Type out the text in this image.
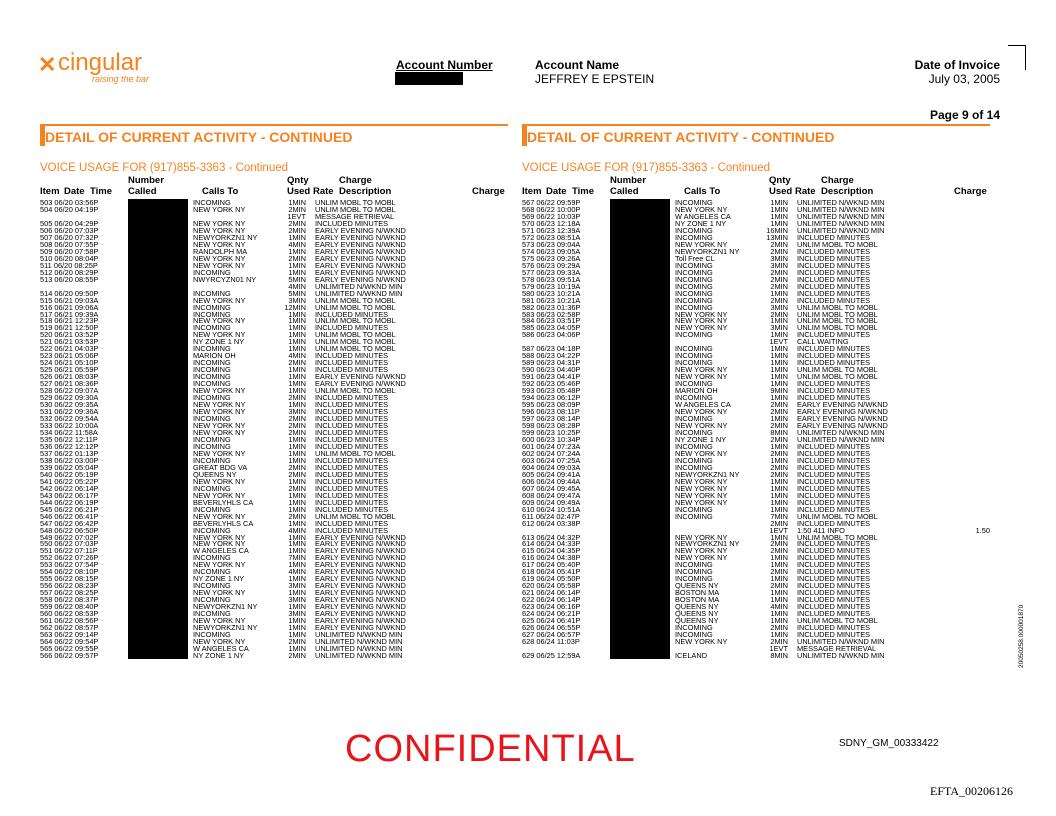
✕ cingular
raising the bar
Account Number	Account Name
JEFFREY E EPSTEIN
Date of Invoice
July 03, 2005
Page 9 of 14
DETAIL OF CURRENT ACTIVITY - CONTINUED
VOICE USAGE FOR (917)855-3363 - Continued
Number
Item Date Time Called	Calls To
Qnty
Used Rate
Charge
Description	Charge
503 06/20 03:56P	INCOMING	1MIN UNLIM MOBL TO MOBL
504 06/20 04:19P	NEW YORK NY	2MIN UNLIM MOBL TO MOBL
1EVT MESSAGE RETRIEVAL
505 06/20 04:29P	NEW YORK NY	2MIN INCLUDED MINUTES
506 06/20 07:03P	NEW YORK NY	2MIN EARLY EVENING N/WKND
507 06/20 07:32P	NEWYORKZN1 NY	1MIN EARLY EVENING N/WKND
508 06/20 07:55P	NEW YORK NY	4MIN EARLY EVENING N/WKND
509 06/20 07:58P	RANDOLPH MA	1MIN EARLY EVENING N/WKND
510 06/20 08:04P	NEW YORK NY	2MIN EARLY EVENING N/WKND
511 06/20 08:25P	NEW YORK NY	1MIN EARLY EVENING N/WKND
512 06/20 08:29P	INCOMING	1MIN EARLY EVENING N/WKND
513 06/20 08:55P	NWYRCYZN01 NY	5MIN EARLY EVENING N/WKND
4MIN UNLIMITED N/WKND MIN
514 06/20 09:50P	INCOMING	5MIN UNLIMITED N/WKND MIN
515 06/21 09:03A	NEW YORK NY	3MIN UNLIM MOBL TO MOBL
516 06/21 09:06A	INCOMING	12MIN UNLIM MOBL TO MOBL
517 06/21 09:39A	INCOMING	1MIN INCLUDED MINUTES
518 06/21 12:23P	NEW YORK NY	1MIN UNLIM MOBL TO MOBL
519 06/21 12:50P	INCOMING	1MIN INCLUDED MINUTES
520 06/21 03:52P	NEW YORK NY	1MIN UNLIM MOBL TO MOBL
521 06/21 03:53P	NY ZONE 1 NY	1MIN UNLIM MOBL TO MOBL
522 06/21 04:03P	INCOMING	1MIN UNLIM MOBL TO MOBL
523 06/21 05:06P	MARION OH	4MIN INCLUDED MINUTES
524 06/21 05:10P	INCOMING	2MIN INCLUDED MINUTES
525 06/21 05:59P	INCOMING	1MIN INCLUDED MINUTES
526 06/21 08:03P	INCOMING	1MIN EARLY EVENING N/WKND
527 06/21 08:36P	INCOMING	1MIN EARLY EVENING N/WKND
528 06/22 09:07A	NEW YORK NY	1MIN UNLIM MOBL TO MOBL
529 06/22 09:30A	INCOMING	2MIN INCLUDED MINUTES
530 06/22 09:35A	NEW YORK NY	1MIN INCLUDED MINUTES
531 06/22 09:36A	NEW YORK NY	3MIN INCLUDED MINUTES
532 06/22 09:54A	INCOMING	2MIN INCLUDED MINUTES
533 06/22 10:00A	NEW YORK NY	2MIN INCLUDED MINUTES
534 06/22 11:58A	NEW YORK NY	2MIN INCLUDED MINUTES
535 06/22 12:11P	INCOMING	1MIN INCLUDED MINUTES
536 06/22 12:12P	INCOMING	1MIN INCLUDED MINUTES
537 06/22 01:13P	NEW YORK NY	1MIN UNLIM MOBL TO MOBL
538 06/22 03:00P	INCOMING	1MIN INCLUDED MINUTES
539 06/22 05:04P	GREAT BDG VA	2MIN INCLUDED MINUTES
540 06/22 05:19P	QUEENS NY	2MIN INCLUDED MINUTES
541 06/22 05:22P	NEW YORK NY	1MIN INCLUDED MINUTES
542 06/22 06:14P	INCOMING	2MIN INCLUDED MINUTES
543 06/22 06:17P	NEW YORK NY	1MIN INCLUDED MINUTES
544 06/22 06:19P	BEVERLYHLS CA	1MIN INCLUDED MINUTES
545 06/22 06:21P	INCOMING	1MIN INCLUDED MINUTES
546 06/22 06:41P	NEW YORK NY	2MIN UNLIM MOBL TO MOBL
547 06/22 06:42P	BEVERLYHLS CA	1MIN INCLUDED MINUTES
548 06/22 06:50P	INCOMING	4MIN INCLUDED MINUTES
549 06/22 07:02P	NEW YORK NY	1MIN EARLY EVENING N/WKND
550 06/22 07:03P	NEW YORK NY	1MIN EARLY EVENING N/WKND
551 06/22 07:11P	W ANGELES CA	1MIN EARLY EVENING N/WKND
552 06/22 07:26P	INCOMING	7MIN EARLY EVENING N/WKND
553 06/22 07:54P	NEW YORK NY	1MIN EARLY EVENING N/WKND
554 06/22 08:10P	INCOMING	4MIN EARLY EVENING N/WKND
555 06/22 08:15P	NY ZONE 1 NY	1MIN EARLY EVENING N/WKND
556 06/22 08:23P	INCOMING	3MIN EARLY EVENING N/WKND
557 06/22 08:25P	NEW YORK NY	1MIN EARLY EVENING N/WKND
558 06/22 08:37P	INCOMING	3MIN EARLY EVENING N/WKND
559 06/22 08:40P	NEWYORKZN1 NY	1MIN EARLY EVENING N/WKND
560 06/22 08:53P	INCOMING	3MIN EARLY EVENING N/WKND
561 06/22 08:56P	NEW YORK NY	1MIN EARLY EVENING N/WKND
562 06/22 08:57P	NEWYORKZN1 NY	1MIN EARLY EVENING N/WKND
563 06/22 09:14P	INCOMING	1MIN UNLIMITED N/WKND MIN
564 06/22 09:54P	NEW YORK NY	2MIN UNLIMITED N/WKND MIN
565 06/22 09:55P	W ANGELES CA	1MIN UNLIMITED N/WKND MIN
566 06/22 09:57P	NY ZONE 1 NY	2MIN UNLIMITED N/WKND MIN
DETAIL OF CURRENT ACTIVITY - CONTINUED
VOICE USAGE FOR (917)855-3363 - Continued
Number
Item Date Time Called	Calls To
Qnty
Used Rate
Charge
Description	Charge
567 06/22 09:59P	INCOMING	1MIN UNLIMITED N/WKND MIN
568 06/22 10:00P	NEW YORK NY	1MIN UNLIMITED N/WKND MIN
569 06/22 10:03P	W ANGELES CA	1MIN UNLIMITED N/WKND MIN
570 06/23 12:18A	NY ZONE 1 NY	1MIN UNLIMITED N/WKND MIN
571 06/23 12:39A	INCOMING	16MIN UNLIMITED N/WKND MIN
572 06/23 08:51A	INCOMING	13MIN INCLUDED MINUTES
573 06/23 09:04A	NEW YORK NY	2MIN UNLIM MOBL TO MOBL
574 06/23 09:05A	NEWYORKZN1 NY	2MIN INCLUDED MINUTES
575 06/23 09:26A	Toll Free CL	3MIN INCLUDED MINUTES
576 06/23 09:29A	INCOMING	3MIN INCLUDED MINUTES
577 06/23 09:33A	INCOMING	2MIN INCLUDED MINUTES
578 06/23 09:51A	INCOMING	2MIN INCLUDED MINUTES
579 06/23 10:19A	INCOMING	2MIN INCLUDED MINUTES
580 06/23 10:21A	INCOMING	1MIN INCLUDED MINUTES
581 06/23 10:21A	INCOMING	2MIN INCLUDED MINUTES
582 06/23 01:36P	INCOMING	3MIN UNLIM MOBL TO MOBL
583 06/23 02:58P	NEW YORK NY	2MIN UNLIM MOBL TO MOBL
584 06/23 03:51P	NEW YORK NY	1MIN UNLIM MOBL TO MOBL
585 06/23 04:05P	NEW YORK NY	3MIN UNLIM MOBL TO MOBL
586 06/23 04:06P	INCOMING	1MIN INCLUDED MINUTES
1EVT CALL WAITING
587 06/23 04:18P	INCOMING	1MIN INCLUDED MINUTES
588 06/23 04:22P	INCOMING	1MIN INCLUDED MINUTES
589 06/23 04:31P	INCOMING	1MIN INCLUDED MINUTES
590 06/23 04:40P	NEW YORK NY	1MIN UNLIM MOBL TO MOBL
591 06/23 04:41P	NEW YORK NY	1MIN UNLIM MOBL TO MOBL
592 06/23 05:46P	INCOMING	1MIN INCLUDED MINUTES
593 06/23 05:48P	MARION OH	9MIN INCLUDED MINUTES
594 06/23 06:12P	INCOMING	1MIN INCLUDED MINUTES
595 06/23 08:09P	W ANGELES CA	2MIN EARLY EVENING N/WKND
596 06/23 08:11P	NEW YORK NY	2MIN EARLY EVENING N/WKND
597 06/23 08:14P	INCOMING	1MIN EARLY EVENING N/WKND
598 06/23 08:28P	NEW YORK NY	2MIN EARLY EVENING N/WKND
599 06/23 10:25P	INCOMING	8MIN UNLIMITED N/WKND MIN
600 06/23 10:34P	NY ZONE 1 NY	2MIN UNLIMITED N/WKND MIN
601 06/24 07:23A	INCOMING	1MIN INCLUDED MINUTES
602 06/24 07:24A	NEW YORK NY	2MIN INCLUDED MINUTES
603 06/24 07:25A	INCOMING	1MIN INCLUDED MINUTES
604 06/24 09:03A	INCOMING	2MIN INCLUDED MINUTES
605 06/24 09:41A	NEWYORKZN1 NY	2MIN INCLUDED MINUTES
606 06/24 09:44A	NEW YORK NY	1MIN INCLUDED MINUTES
607 06/24 09:45A	NEW YORK NY	1MIN INCLUDED MINUTES
608 06/24 09:47A	NEW YORK NY	1MIN INCLUDED MINUTES
609 06/24 09:49A	NEW YORK NY	1MIN INCLUDED MINUTES
610 06/24 10:51A	INCOMING	1MIN INCLUDED MINUTES
611 06/24 02:47P	INCOMING	7MIN UNLIM MOBL TO MOBL
612 06/24 03:38P	2MIN INCLUDED MINUTES
1EVT 1.50 411 INFO	1.50
613 06/24 04:32P	NEW YORK NY	1MIN UNLIM MOBL TO MOBL
614 06/24 04:33P	NEWYORKZN1 NY	2MIN INCLUDED MINUTES
615 06/24 04:35P	NEW YORK NY	2MIN INCLUDED MINUTES
616 06/24 04:38P	NEW YORK NY	1MIN INCLUDED MINUTES
617 06/24 05:40P	INCOMING	1MIN INCLUDED MINUTES
618 06/24 05:41P	INCOMING	2MIN INCLUDED MINUTES
619 06/24 05:50P	INCOMING	1MIN INCLUDED MINUTES
620 06/24 05:58P	QUEENS NY	2MIN INCLUDED MINUTES
621 06/24 06:14P	BOSTON MA	1MIN INCLUDED MINUTES
622 06/24 06:14P	BOSTON MA	1MIN INCLUDED MINUTES
623 06/24 06:16P	QUEENS NY	4MIN INCLUDED MINUTES
624 06/24 06:21P	QUEENS NY	1MIN INCLUDED MINUTES
625 06/24 06:41P	QUEENS NY	1MIN UNLIM MOBL TO MOBL
626 06/24 06:55P	INCOMING	2MIN INCLUDED MINUTES
627 06/24 06:57P	INCOMING	1MIN INCLUDED MINUTES
628 06/24 11:03P	NEW YORK NY	2MIN UNLIMITED N/WKND MIN
1EVT MESSAGE RETRIEVAL
629 06/25 12:59A	ICELAND	8MIN UNLIMITED N/WKND MIN
CONFIDENTIAL	SDNY_GM_00333422
EFTA_00206126
20050258.000001870
